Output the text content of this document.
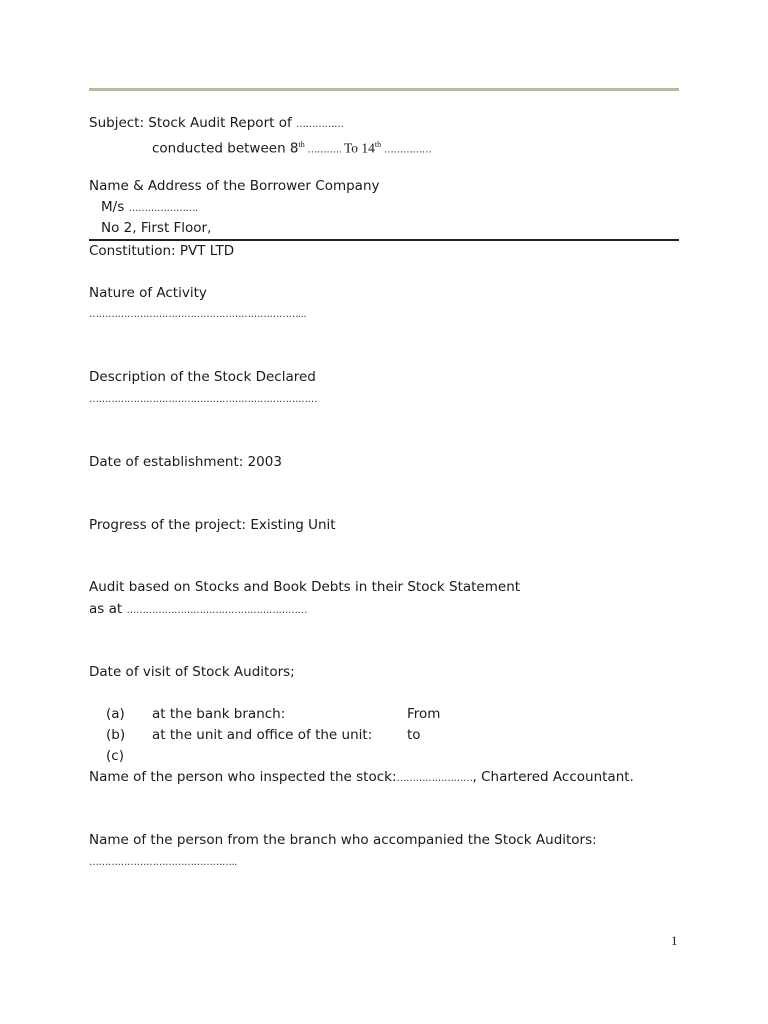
Subject: Stock Audit Report of ……………
conducted between 8th ……….. To 14th ……………
Name & Address of the Borrower Company
M/s ………………….
No 2, First Floor,
Constitution: PVT LTD
Nature of Activity
…………………………………………………………...
Description of the Stock Declared
………………………………………………………………
Date of establishment: 2003
Progress of the project: Existing Unit
Audit based on Stocks and Book Debts in their Stock Statement
as at …………………………………………………
Date of visit of Stock Auditors;
(a) at the bank branch:	From
(b) at the unit and office of the unit:	to
(c)
Name of the person who inspected the stock:……………………, Chartered Accountant.
Name of the person from the branch who accompanied the Stock Auditors:
………………………………………..
1
